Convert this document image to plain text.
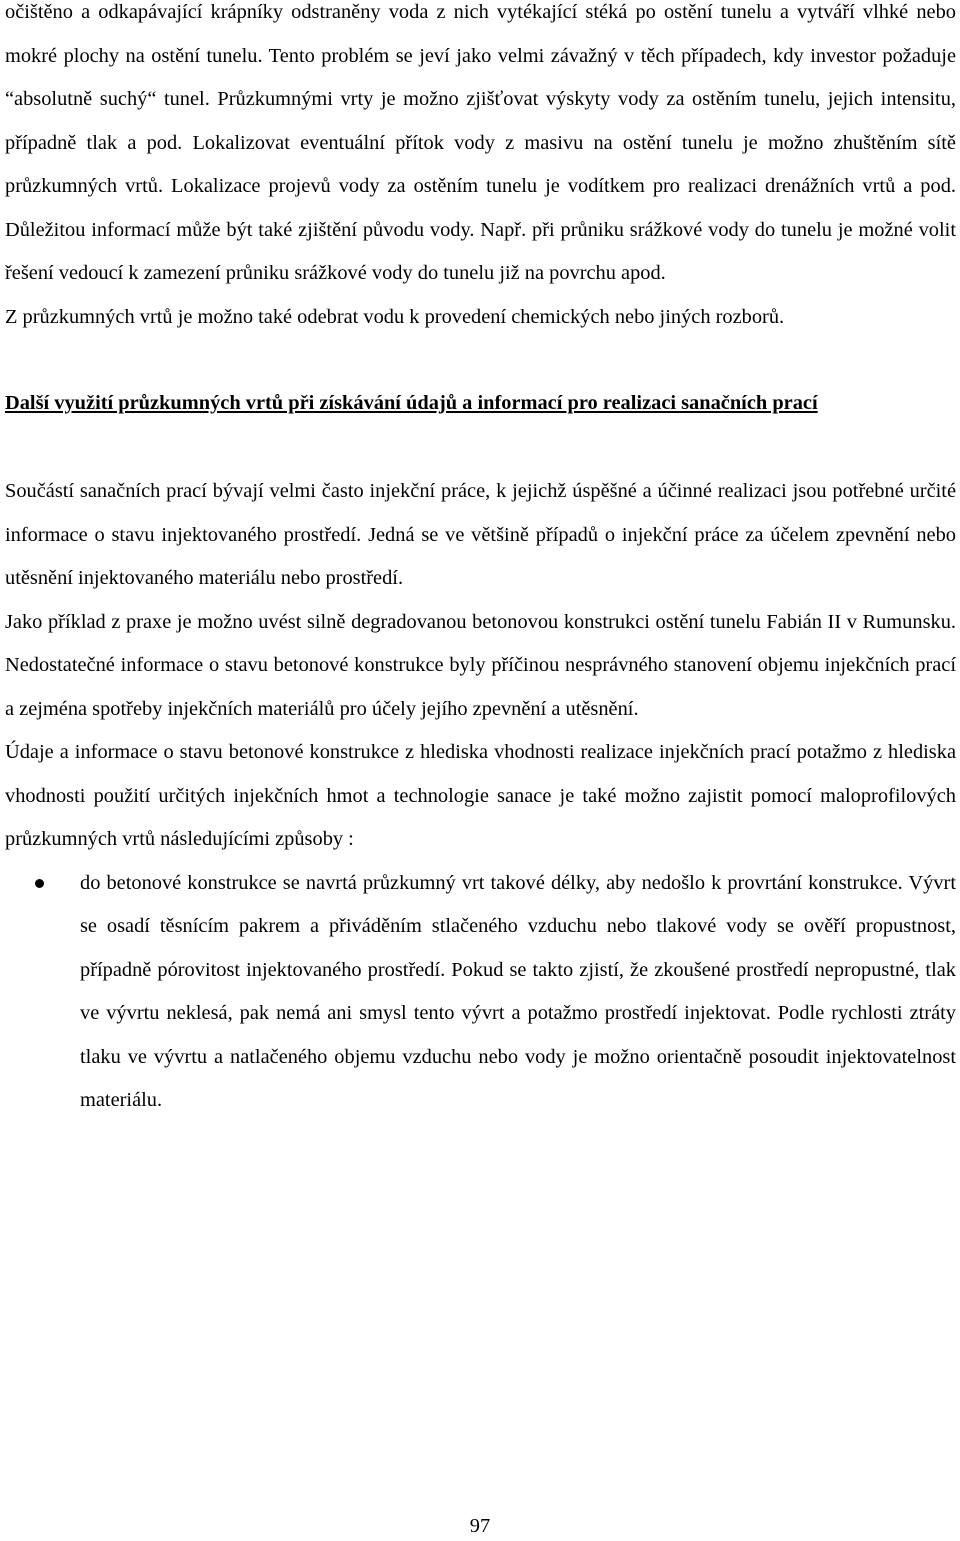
očištěno a odkapávající krápníky odstraněny voda z nich vytékající stéká po ostění tunelu a vytváří vlhké nebo mokré plochy na ostění tunelu. Tento problém se jeví jako velmi závažný v těch případech, kdy investor požaduje “absolutně suchý“ tunel. Průzkumnými vrty je možno zjišťovat výskyty vody za ostěním tunelu, jejich intensitu, případně tlak a pod. Lokalizovat eventuální přítok vody z masivu na ostění tunelu je možno zhuštěním sítě průzkumných vrtů. Lokalizace projevů vody za ostěním tunelu je vodítkem pro realizaci drenážních vrtů a pod. Důležitou informací může být také zjištění původu vody. Např. při průniku srážkové vody do tunelu je možné volit řešení vedoucí k zamezení průniku srážkové vody do tunelu již na povrchu apod.

Z průzkumných vrtů je možno také odebrat vodu k provedení chemických nebo jiných rozborů.

Další využití průzkumných vrtů při získávání údajů a informací pro realizaci sanačních prací

Součástí sanačních prací bývají velmi často injekční práce, k jejichž úspěšné a účinné realizaci jsou potřebné určité informace o stavu injektovaného prostředí. Jedná se ve většině případů o injekční práce za účelem zpevnění nebo utěsnění injektovaného materiálu nebo prostředí.

Jako příklad z praxe je možno uvést silně degradovanou betonovou konstrukci ostění tunelu Fabián II v Rumunsku. Nedostatečné informace o stavu betonové konstrukce byly příčinou nesprávného stanovení objemu injekčních prací a zejména spotřeby injekčních materiálů pro účely jejího zpevnění a utěsnění.

Údaje a informace o stavu betonové konstrukce z hlediska vhodnosti realizace injekčních prací potažmo z hlediska vhodnosti použití určitých injekčních hmot a technologie sanace je také možno zajistit pomocí maloprofilových průzkumných vrtů následujícími způsoby :

do betonové konstrukce se navrtá průzkumný vrt takové délky, aby nedošlo k provrtání konstrukce. Vývrt se osadí těsnícím pakrem a přiváděním stlačeného vzduchu nebo tlakové vody se ověří propustnost, případně pórovitost injektovaného prostředí. Pokud se takto zjistí, že zkoušené prostředí nepropustné, tlak ve vývrtu neklesá, pak nemá ani smysl tento vývrt a potažmo prostředí injektovat. Podle rychlosti ztráty tlaku ve vývrtu a natlačeného objemu vzduchu nebo vody je možno orientačně posoudit injektovatelnost materiálu.
97
